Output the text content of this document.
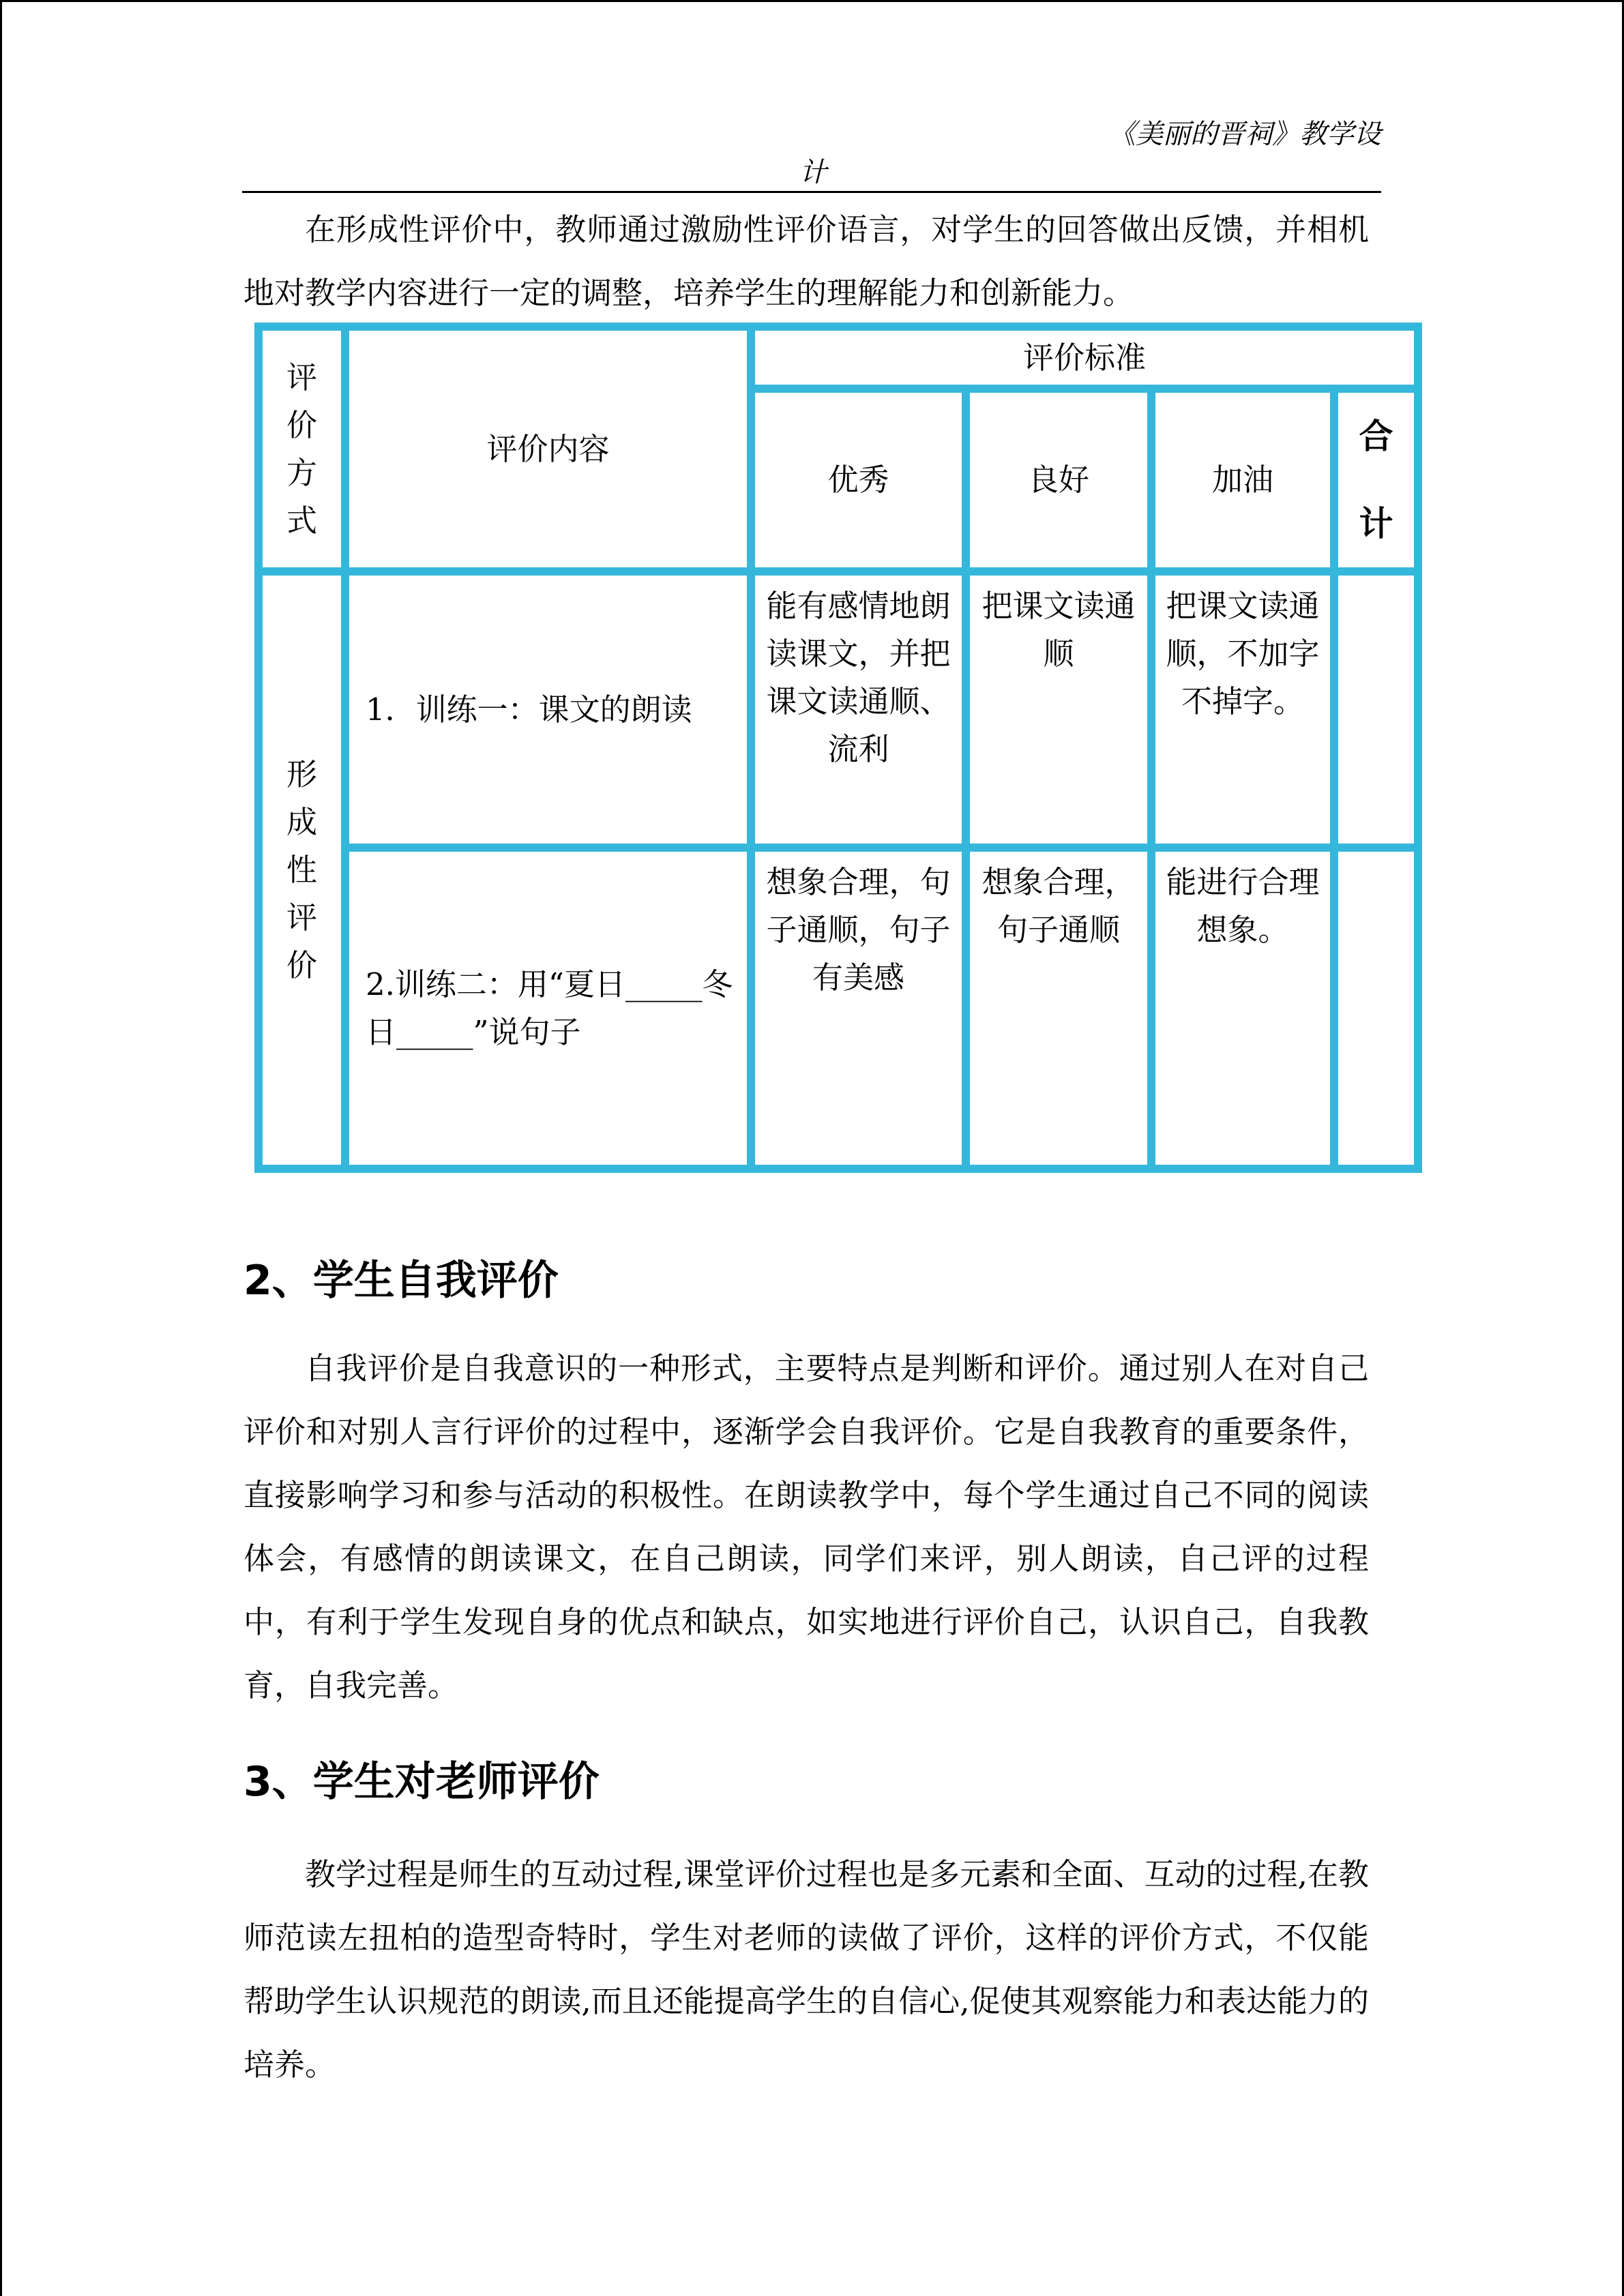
《美丽的晋祠》教学设
计

在形成性评价中，教师通过激励性评价语言，对学生的回答做出反馈，并相机地对教学内容进行一定的调整，培养学生的理解能力和创新能力。

评价方式	评价内容	评价标准			
		优秀	良好	加油	合计
形成性评价	1．训练一：课文的朗读	能有感情地朗读课文，并把课文读通顺、流利	把课文读通顺	把课文读通顺，不加字不掉字。	
	2.训练二：用“夏日_____冬日_____”说句子	想象合理，句子通顺，句子有美感	想象合理，句子通顺	能进行合理想象。	
2、学生自我评价

自我评价是自我意识的一种形式，主要特点是判断和评价。通过别人在对自己评价和对别人言行评价的过程中，逐渐学会自我评价。它是自我教育的重要条件，直接影响学习和参与活动的积极性。在朗读教学中，每个学生通过自己不同的阅读体会，有感情的朗读课文，在自己朗读，同学们来评，别人朗读，自己评的过程中，有利于学生发现自身的优点和缺点，如实地进行评价自己，认识自己，自我教育，自我完善。

3、学生对老师评价

教学过程是师生的互动过程,课堂评价过程也是多元素和全面、互动的过程,在教师范读左扭柏的造型奇特时，学生对老师的读做了评价，这样的评价方式，不仅能帮助学生认识规范的朗读,而且还能提高学生的自信心,促使其观察能力和表达能力的培养。
